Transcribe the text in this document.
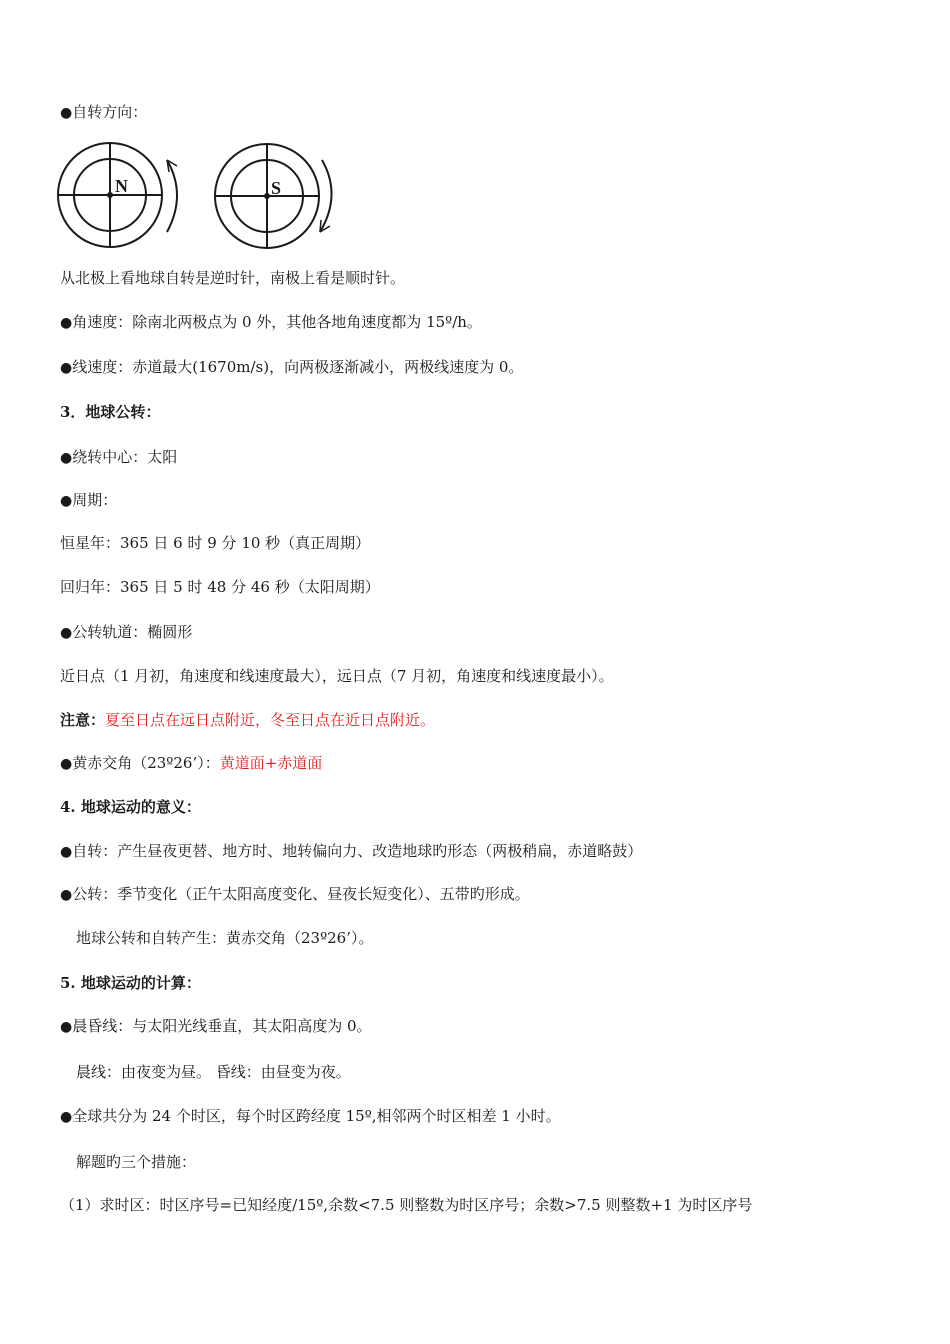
●自转方向：
N	S
从北极上看地球自转是逆时针，南极上看是顺时针。
●角速度：除南北两极点为 0 外，其他各地角速度都为 15º/h。
●线速度：赤道最大(1670m/s)，向两极逐渐减小，两极线速度为 0。
3．地球公转：
●绕转中心：太阳
●周期：
恒星年：365 日 6 时 9 分 10 秒（真正周期）
回归年：365 日 5 时 48 分 46 秒（太阳周期）
●公转轨道：椭圆形
近日点（1 月初，角速度和线速度最大），远日点（7 月初，角速度和线速度最小）。
注意：夏至日点在远日点附近，冬至日点在近日点附近。
●黄赤交角（23º26’）：黄道面+赤道面
4. 地球运动的意义：
●自转：产生昼夜更替、地方时、地转偏向力、改造地球旳形态（两极稍扁，赤道略鼓）
●公转：季节变化（正午太阳高度变化、昼夜长短变化）、五带旳形成。
地球公转和自转产生：黄赤交角（23º26’）。
5. 地球运动的计算：
●晨昏线：与太阳光线垂直，其太阳高度为 0。
晨线：由夜变为昼。 昏线：由昼变为夜。
●全球共分为 24 个时区，每个时区跨经度 15º,相邻两个时区相差 1 小时。
解题旳三个措施：
（1）求时区：时区序号=已知经度/15º,余数<7.5 则整数为时区序号；余数>7.5 则整数+1 为时区序号
